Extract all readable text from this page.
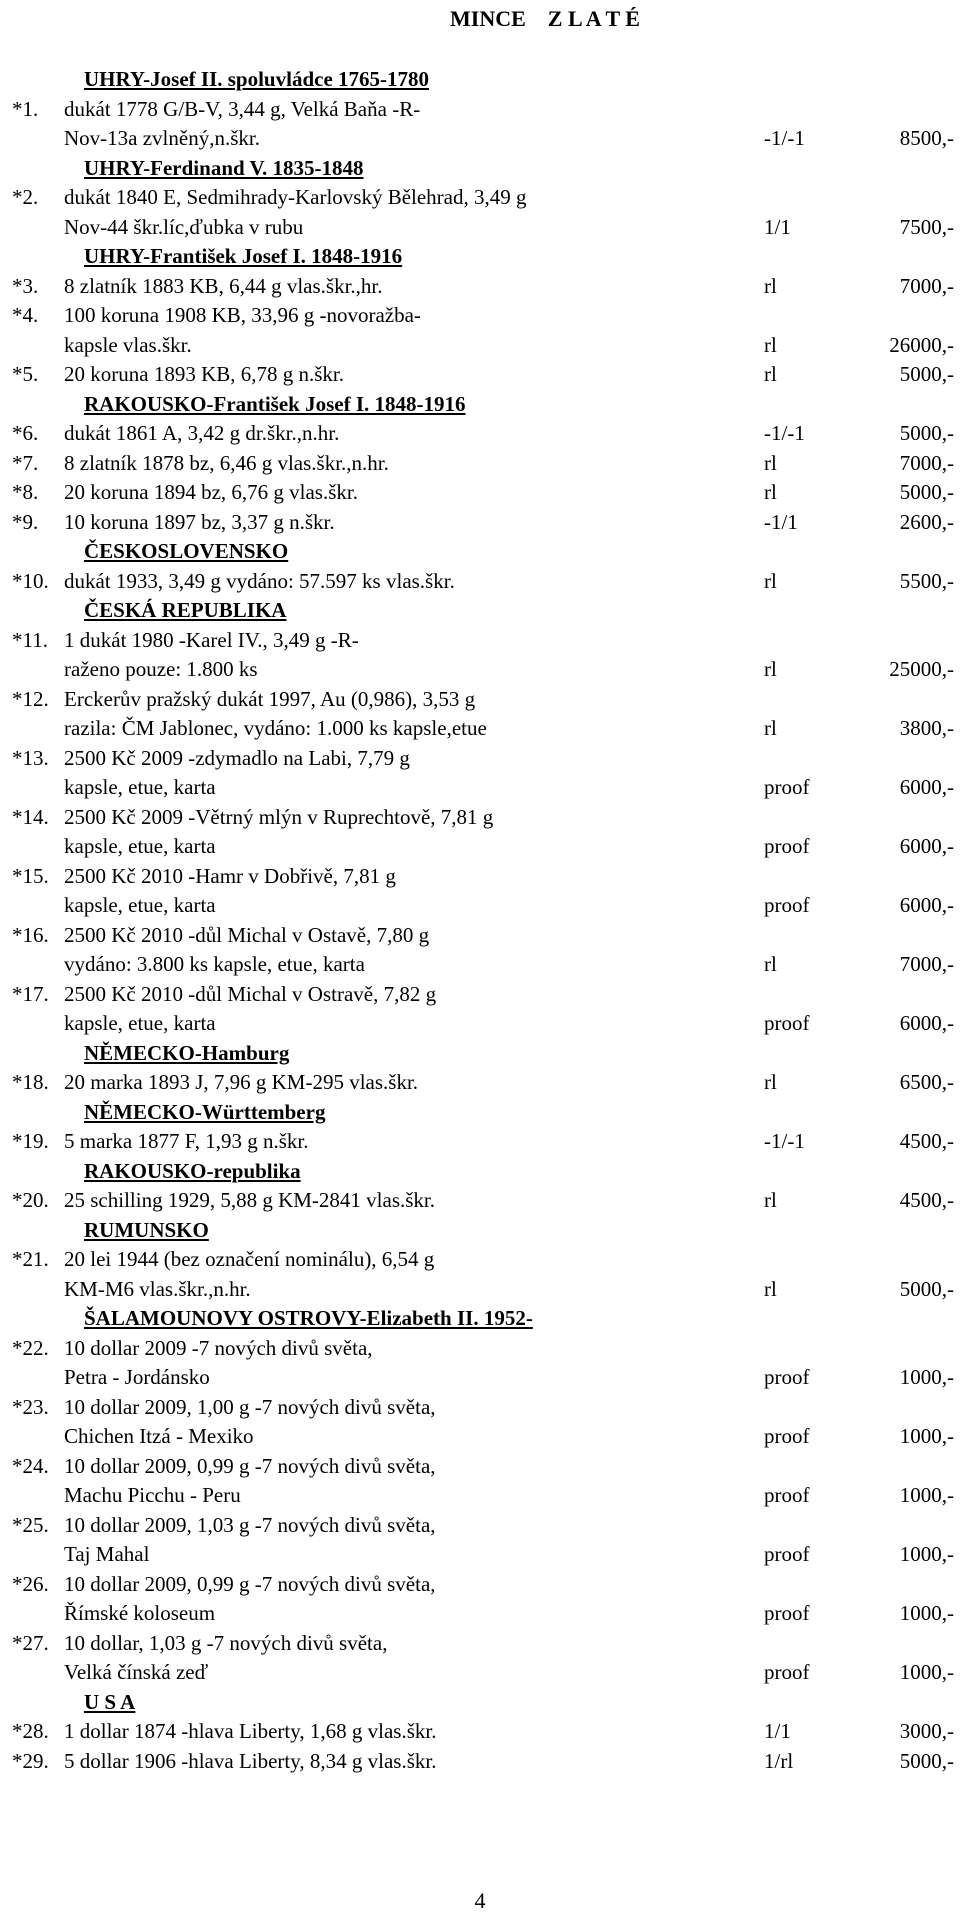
MINCE    Z L A T É
UHRY-Josef II. spoluvládce 1765-1780
*1. dukát 1778 G/B-V, 3,44 g, Velká Baňa -R-
Nov-13a zvlněný,n.škr.	-1/-1	8500,-
UHRY-Ferdinand V. 1835-1848
*2. dukát 1840 E, Sedmihrady-Karlovský Bělehrad, 3,49 g
Nov-44 škr.líc,ďubka v rubu	1/1	7500,-
UHRY-František Josef I. 1848-1916
*3. 8 zlatník 1883 KB, 6,44 g vlas.škr.,hr.	rl	7000,-
*4. 100 koruna 1908 KB, 33,96 g -novoražba-
kapsle vlas.škr.	rl	26000,-
*5. 20 koruna 1893 KB, 6,78 g n.škr.	rl	5000,-
RAKOUSKO-František Josef I. 1848-1916
*6. dukát 1861 A, 3,42 g dr.škr.,n.hr.	-1/-1	5000,-
*7. 8 zlatník 1878 bz, 6,46 g vlas.škr.,n.hr.	rl	7000,-
*8. 20 koruna 1894 bz, 6,76 g vlas.škr.	rl	5000,-
*9. 10 koruna 1897 bz, 3,37 g n.škr.	-1/1	2600,-
ČESKOSLOVENSKO
*10. dukát 1933, 3,49 g vydáno: 57.597 ks vlas.škr.	rl	5500,-
ČESKÁ REPUBLIKA
*11. 1 dukát 1980 -Karel IV., 3,49 g -R-
raženo pouze: 1.800 ks	rl	25000,-
*12. Erckerův pražský dukát 1997, Au (0,986), 3,53 g
razila: ČM Jablonec, vydáno: 1.000 ks kapsle,etue	rl	3800,-
*13. 2500 Kč 2009 -zdymadlo na Labi, 7,79 g
kapsle, etue, karta	proof	6000,-
*14. 2500 Kč 2009 -Větrný mlýn v Ruprechtově, 7,81 g
kapsle, etue, karta	proof	6000,-
*15. 2500 Kč 2010 -Hamr v Dobřivě, 7,81 g
kapsle, etue, karta	proof	6000,-
*16. 2500 Kč 2010 -důl Michal v Ostavě, 7,80 g
vydáno: 3.800 ks kapsle, etue, karta	rl	7000,-
*17. 2500 Kč 2010 -důl Michal v Ostravě, 7,82 g
kapsle, etue, karta	proof	6000,-
NĚMECKO-Hamburg
*18. 20 marka 1893 J, 7,96 g KM-295 vlas.škr.	rl	6500,-
NĚMECKO-Württemberg
*19. 5 marka 1877 F, 1,93 g n.škr.	-1/-1	4500,-
RAKOUSKO-republika
*20. 25 schilling 1929, 5,88 g KM-2841 vlas.škr.	rl	4500,-
RUMUNSKO
*21. 20 lei 1944 (bez označení nominálu), 6,54 g
KM-M6 vlas.škr.,n.hr.	rl	5000,-
ŠALAMOUNOVY OSTROVY-Elizabeth II. 1952-
*22. 10 dollar 2009 -7 nových divů světa,
Petra - Jordánsko	proof	1000,-
*23. 10 dollar 2009, 1,00 g -7 nových divů světa,
Chichen Itzá - Mexiko	proof	1000,-
*24. 10 dollar 2009, 0,99 g -7 nových divů světa,
Machu Picchu - Peru	proof	1000,-
*25. 10 dollar 2009, 1,03 g -7 nových divů světa,
Taj Mahal	proof	1000,-
*26. 10 dollar 2009, 0,99 g -7 nových divů světa,
Římské koloseum	proof	1000,-
*27. 10 dollar, 1,03 g -7 nových divů světa,
Velká čínská zeď	proof	1000,-
U S A
*28. 1 dollar 1874 -hlava Liberty, 1,68 g vlas.škr.	1/1	3000,-
*29. 5 dollar 1906 -hlava Liberty, 8,34 g vlas.škr.	1/rl	5000,-
4
